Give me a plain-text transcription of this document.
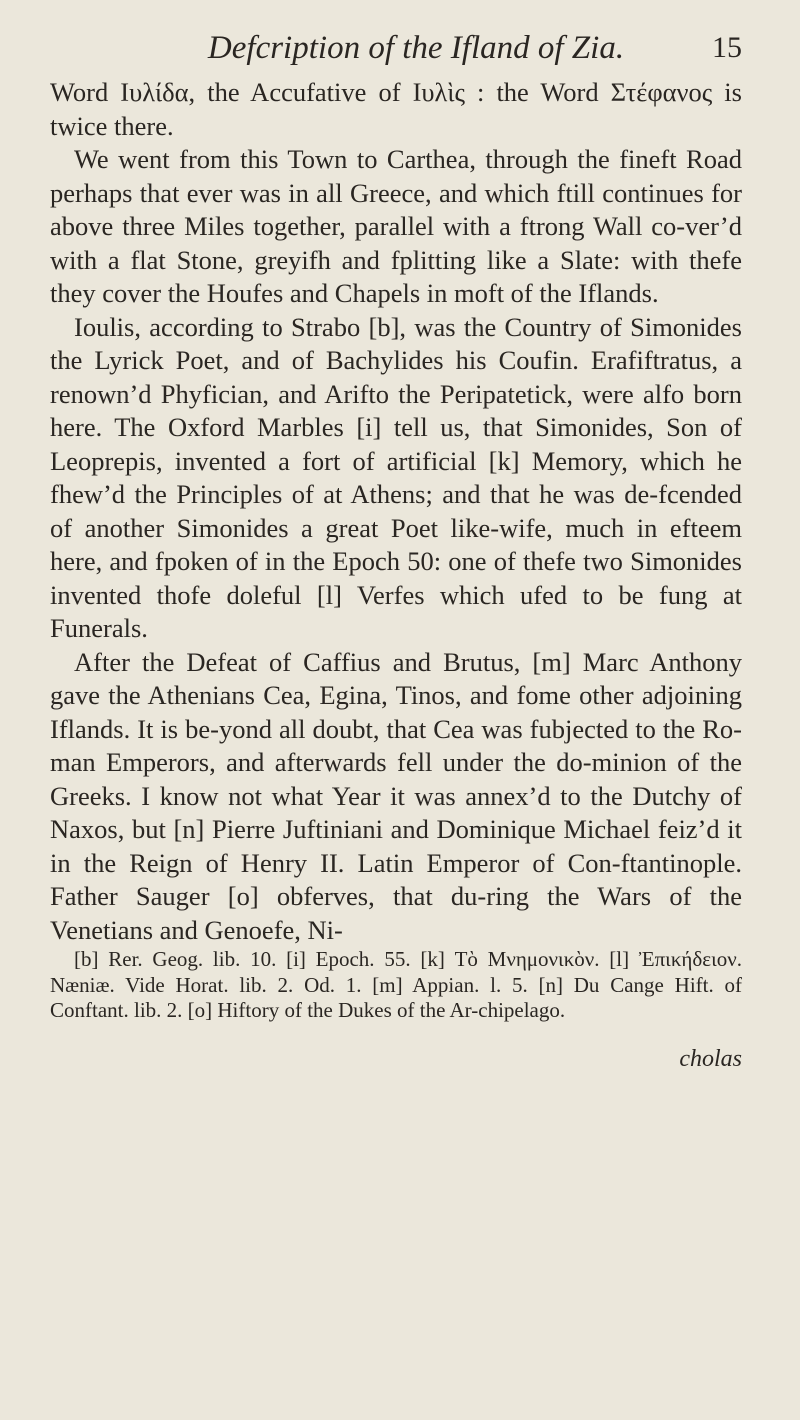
Defcription of the Ifland of Zia.	15

Word Ιυλίδα, the Accufative of Ιυλὶς : the Word Στέφανος is twice there.

We went from this Town to Carthea, through the fineft Road perhaps that ever was in all Greece, and which ftill continues for above three Miles together, parallel with a ftrong Wall co-ver’d with a flat Stone, greyifh and fplitting like a Slate: with thefe they cover the Houfes and Chapels in moft of the Iflands.

Ioulis, according to Strabo [b], was the Country of Simonides the Lyrick Poet, and of Bachylides his Coufin. Erafiftratus, a renown’d Phyfician, and Arifto the Peripatetick, were alfo born here. The Oxford Marbles [i] tell us, that Simonides, Son of Leoprepis, invented a fort of artificial [k] Memory, which he fhew’d the Principles of at Athens; and that he was de-fcended of another Simonides a great Poet like-wife, much in efteem here, and fpoken of in the Epoch 50: one of thefe two Simonides invented thofe doleful [l] Verfes which ufed to be fung at Funerals.

After the Defeat of Caffius and Brutus, [m] Marc Anthony gave the Athenians Cea, Egina, Tinos, and fome other adjoining Iflands. It is be-yond all doubt, that Cea was fubjected to the Ro-man Emperors, and afterwards fell under the do-minion of the Greeks. I know not what Year it was annex’d to the Dutchy of Naxos, but [n] Pierre Juftiniani and Dominique Michael feiz’d it in the Reign of Henry II. Latin Emperor of Con-ftantinople. Father Sauger [o] obferves, that du-ring the Wars of the Venetians and Genoefe, Ni-

[b] Rer. Geog. lib. 10. [i] Epoch. 55. [k] Τὸ Μνημονικὸν. [l] Ἐπικήδειον. Næniæ. Vide Horat. lib. 2. Od. 1. [m] Appian. l. 5. [n] Du Cange Hift. of Conftant. lib. 2. [o] Hiftory of the Dukes of the Ar-chipelago.

cholas
